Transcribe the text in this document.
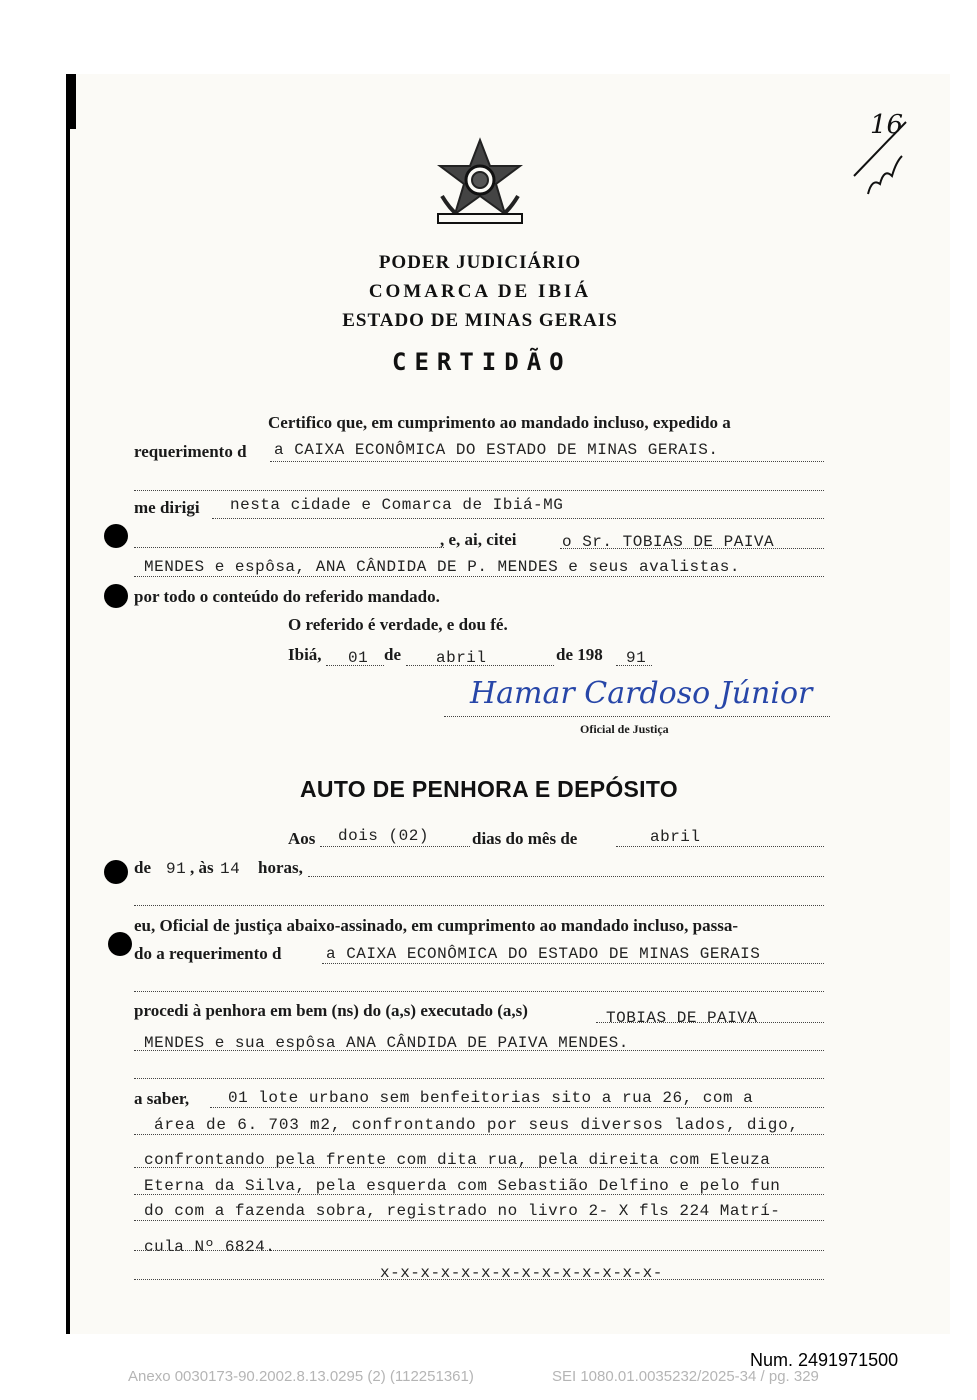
16
PODER JUDICIÁRIO
COMARCA DE IBIÁ
ESTADO DE MINAS GERAIS
CERTIDÃO
Certifico que, em cumprimento ao mandado incluso, expedido a
requerimento d a CAIXA ECONÔMICA DO ESTADO DE MINAS GERAIS.
me dirigi nesta cidade e Comarca de Ibiá-MG
, e, ai, citei	o Sr. TOBIAS DE PAIVA
MENDES e espôsa, ANA CÂNDIDA DE P. MENDES e seus avalistas.
por todo o conteúdo do referido mandado.
O referido é verdade, e dou fé.
Ibiá, 01 de abril	de 198 91
Hamar Cardoso Júnior
Oficial de Justiça
AUTO DE PENHORA E DEPÓSITO
Aos dois (02)	dias do mês de	abril
de 91 , às 14 horas,
eu, Oficial de justiça abaixo-assinado, em cumprimento ao mandado incluso, passa-
do a requerimento d	a CAIXA ECONÔMICA DO ESTADO DE MINAS GERAIS
procedi à penhora em bem (ns) do (a,s) executado (a,s)	TOBIAS DE PAIVA
MENDES e sua espôsa ANA CÂNDIDA DE PAIVA MENDES.
a saber, 01 lote urbano sem benfeitorias sito a rua 26, com a
área de 6. 703 m2, confrontando por seus diversos lados, digo,
confrontando pela frente com dita rua, pela direita com Eleuza
Eterna da Silva, pela esquerda com Sebastião Delfino e pelo fun
do com a fazenda sobra, registrado no livro 2- X fls 224 Matrí-
cula Nº 6824.
x-x-x-x-x-x-x-x-x-x-x-x-x-x-
Num. 2491971500
Anexo 0030173-90.2002.8.13.0295 (2) (112251361)	SEI 1080.01.0035232/2025-34 / pg. 329
